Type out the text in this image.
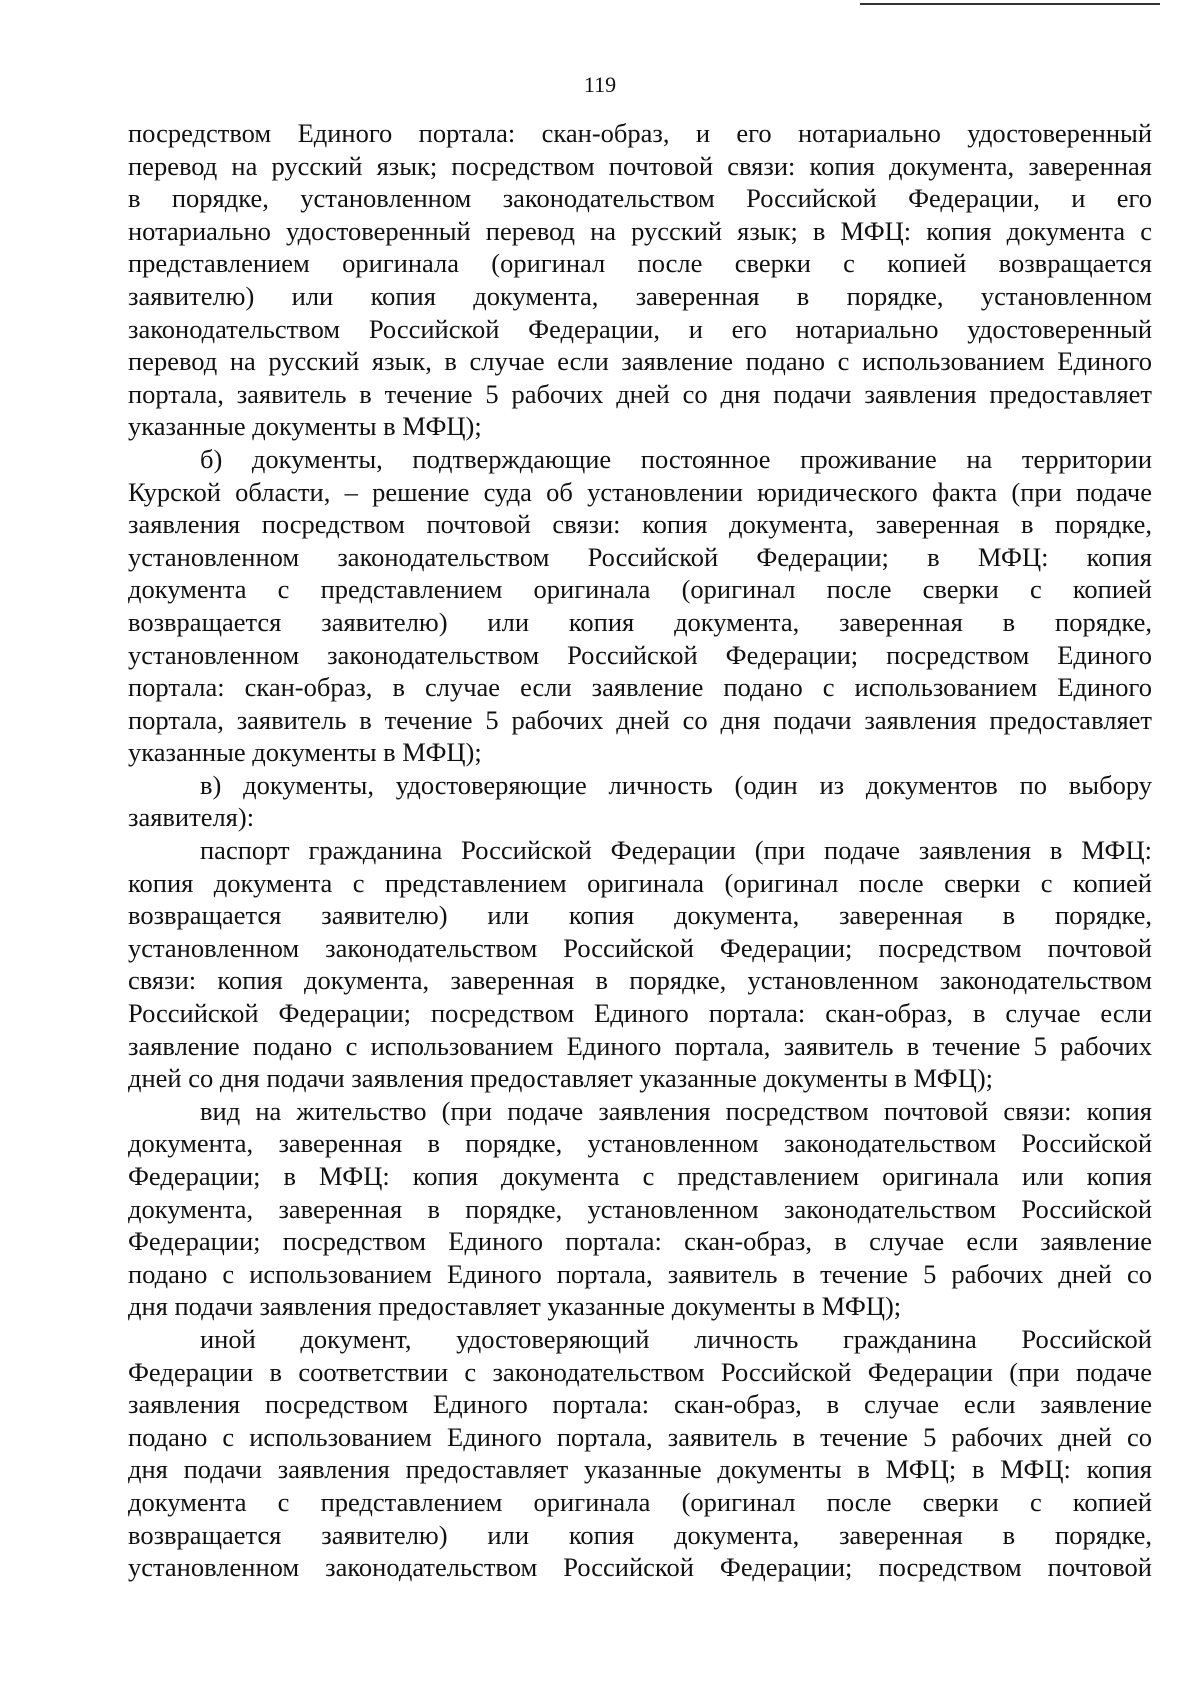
119
посредством Единого портала: скан-образ, и его нотариально удостоверенный
перевод на русский язык; посредством почтовой связи: копия документа, заверенная
в порядке, установленном законодательством Российской Федерации, и его
нотариально удостоверенный перевод на русский язык; в МФЦ: копия документа с
представлением оригинала (оригинал после сверки с копией возвращается
заявителю) или копия документа, заверенная в порядке, установленном
законодательством Российской Федерации, и его нотариально удостоверенный
перевод на русский язык, в случае если заявление подано с использованием Единого
портала, заявитель в течение 5 рабочих дней со дня подачи заявления предоставляет
указанные документы в МФЦ);
б) документы, подтверждающие постоянное проживание на территории
Курской области, – решение суда об установлении юридического факта (при подаче
заявления посредством почтовой связи: копия документа, заверенная в порядке,
установленном законодательством Российской Федерации; в МФЦ: копия
документа с представлением оригинала (оригинал после сверки с копией
возвращается заявителю) или копия документа, заверенная в порядке,
установленном законодательством Российской Федерации; посредством Единого
портала: скан-образ, в случае если заявление подано с использованием Единого
портала, заявитель в течение 5 рабочих дней со дня подачи заявления предоставляет
указанные документы в МФЦ);
в) документы, удостоверяющие личность (один из документов по выбору
заявителя):
паспорт гражданина Российской Федерации (при подаче заявления в МФЦ:
копия документа с представлением оригинала (оригинал после сверки с копией
возвращается заявителю) или копия документа, заверенная в порядке,
установленном законодательством Российской Федерации; посредством почтовой
связи: копия документа, заверенная в порядке, установленном законодательством
Российской Федерации; посредством Единого портала: скан-образ, в случае если
заявление подано с использованием Единого портала, заявитель в течение 5 рабочих
дней со дня подачи заявления предоставляет указанные документы в МФЦ);
вид на жительство (при подаче заявления посредством почтовой связи: копия
документа, заверенная в порядке, установленном законодательством Российской
Федерации; в МФЦ: копия документа с представлением оригинала или копия
документа, заверенная в порядке, установленном законодательством Российской
Федерации; посредством Единого портала: скан-образ, в случае если заявление
подано с использованием Единого портала, заявитель в течение 5 рабочих дней со
дня подачи заявления предоставляет указанные документы в МФЦ);
иной документ, удостоверяющий личность гражданина Российской
Федерации в соответствии с законодательством Российской Федерации (при подаче
заявления посредством Единого портала: скан-образ, в случае если заявление
подано с использованием Единого портала, заявитель в течение 5 рабочих дней со
дня подачи заявления предоставляет указанные документы в МФЦ; в МФЦ: копия
документа с представлением оригинала (оригинал после сверки с копией
возвращается заявителю) или копия документа, заверенная в порядке,
установленном законодательством Российской Федерации; посредством почтовой
